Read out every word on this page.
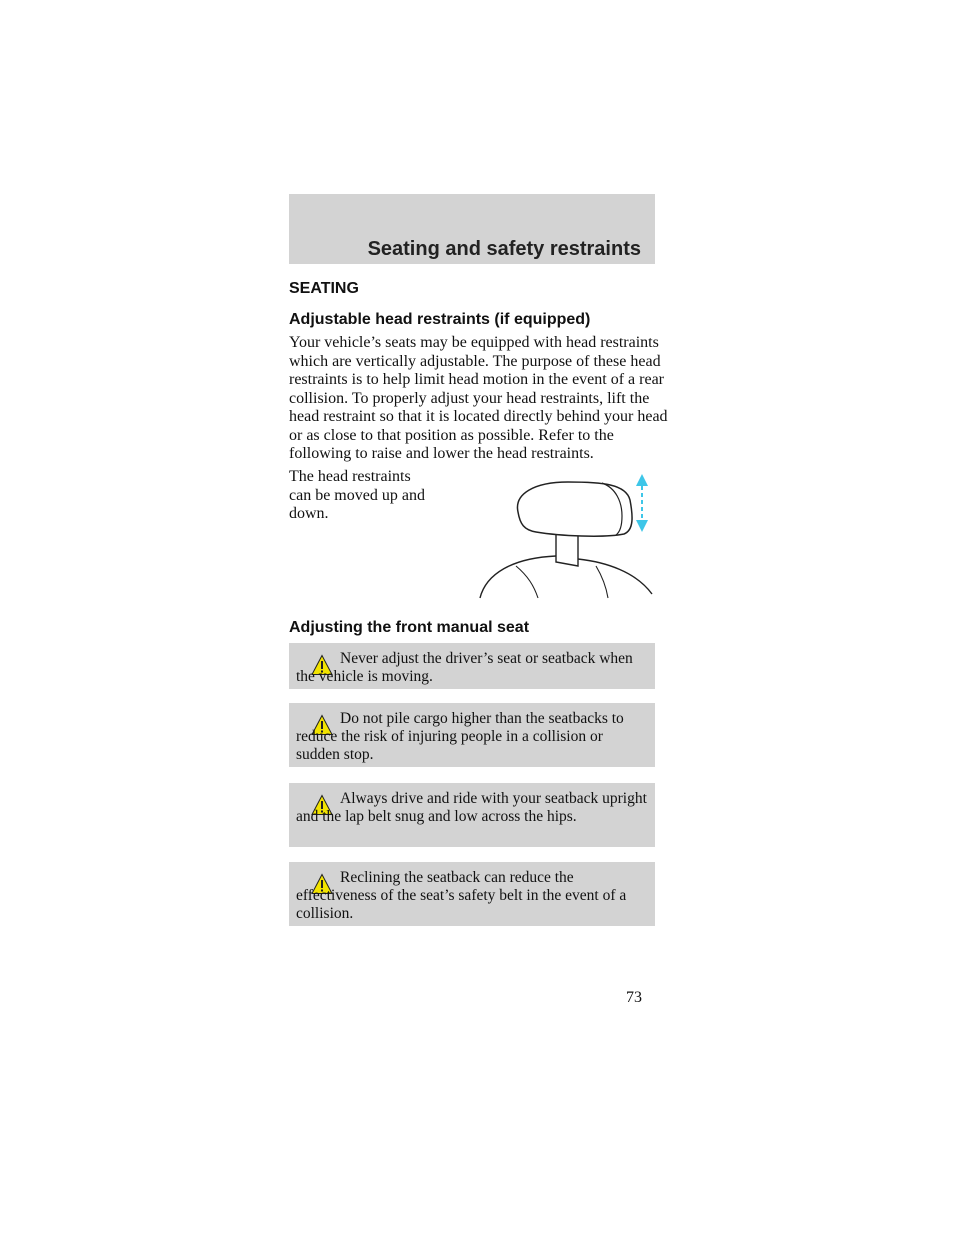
Seating and safety restraints
SEATING
Adjustable head restraints (if equipped)

Your vehicle’s seats may be equipped with head restraints which are vertically adjustable. The purpose of these head restraints is to help limit head motion in the event of a rear collision. To properly adjust your head restraints, lift the head restraint so that it is located directly behind your head or as close to that position as possible. Refer to the following to raise and lower the head restraints.

The head restraints can be moved up and down.

Adjusting the front manual seat

Never adjust the driver’s seat or seatback when the vehicle is moving.

Do not pile cargo higher than the seatbacks to reduce the risk of injuring people in a collision or sudden stop.

Always drive and ride with your seatback upright and the lap belt snug and low across the hips.

Reclining the seatback can reduce the effectiveness of the seat’s safety belt in the event of a collision.

73
